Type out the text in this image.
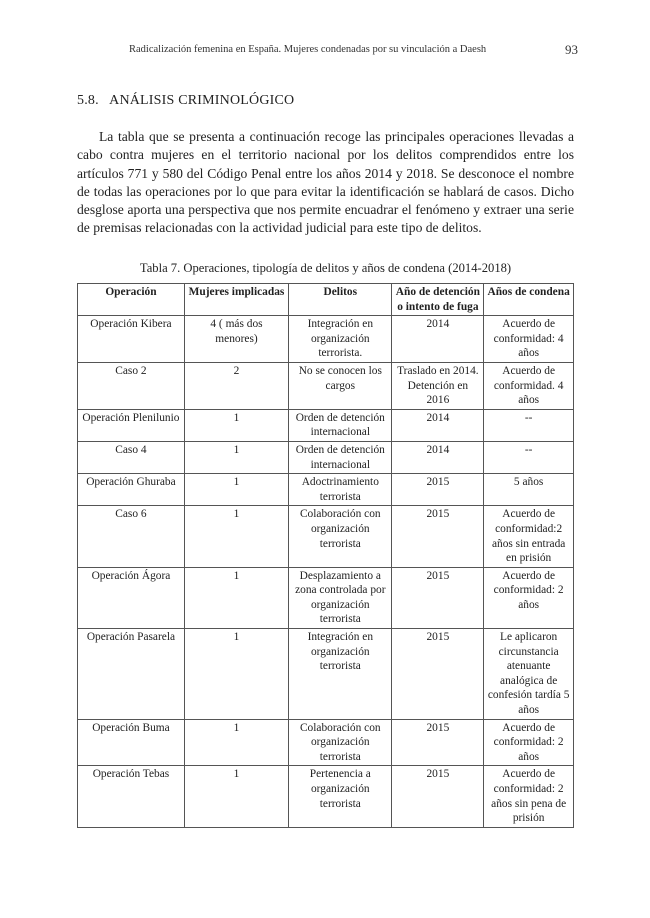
Radicalización femenina en España. Mujeres condenadas por su vinculación a Daesh	93
5.8.   ANÁLISIS CRIMINOLÓGICO

La tabla que se presenta a continuación recoge las principales operaciones llevadas a cabo contra mujeres en el territorio nacional por los delitos comprendidos entre los artículos 771 y 580 del Código Penal entre los años 2014 y 2018. Se desconoce el nombre de todas las operaciones por lo que para evitar la identificación se hablará de casos. Dicho desglose aporta una perspectiva que nos permite encuadrar el fenómeno y extraer una serie de premisas relacionadas con la actividad judicial para este tipo de delitos.

Tabla 7. Operaciones, tipología de delitos y años de condena (2014-2018)
Operación	Mujeres implicadas	Delitos	Año de detención o intento de fuga	Años de condena
Operación Kibera	4 ( más dos menores)	Integración en organización terrorista.	2014	Acuerdo de conformidad: 4 años
Caso 2	2	No se conocen los cargos	Traslado en 2014. Detención en 2016	Acuerdo de conformidad. 4 años
Operación Plenilunio	1	Orden de detención internacional	2014	--
Caso 4	1	Orden de detención internacional	2014	--
Operación Ghuraba	1	Adoctrinamiento terrorista	2015	5 años
Caso 6	1	Colaboración con organización terrorista	2015	Acuerdo de conformidad:2 años sin entrada en prisión
Operación Ágora	1	Desplazamiento a zona controlada por organización terrorista	2015	Acuerdo de conformidad: 2 años
Operación Pasarela	1	Integración en organización terrorista	2015	Le aplicaron circunstancia atenuante analógica de confesión tardía 5 años
Operación Buma	1	Colaboración con organización terrorista	2015	Acuerdo de conformidad: 2 años
Operación Tebas	1	Pertenencia a organización terrorista	2015	Acuerdo de conformidad: 2 años sin pena de prisión
